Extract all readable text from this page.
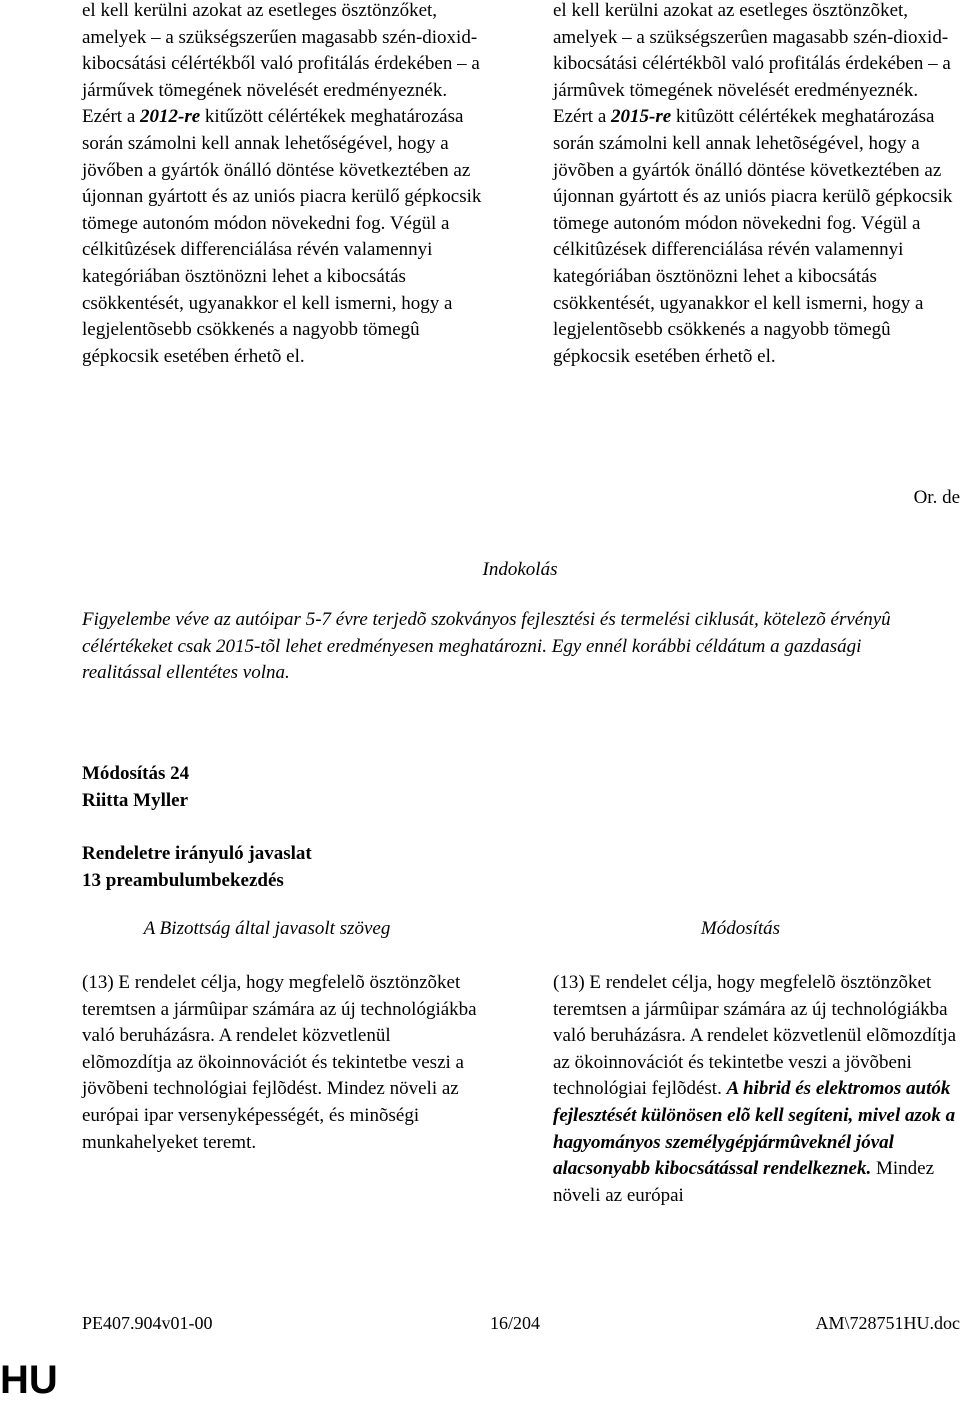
el kell kerülni azokat az esetleges ösztönzőket, amelyek – a szükségszerűen magasabb szén-dioxid-kibocsátási célértékből való profitálás érdekében – a járművek tömegének növelését eredményeznék. Ezért a 2012-re kitűzött célértékek meghatározása során számolni kell annak lehetőségével, hogy a jövőben a gyártók önálló döntése következtében az újonnan gyártott és az uniós piacra kerülő gépkocsik tömege autonóm módon növekedni fog. Végül a célkitûzések differenciálása révén valamennyi kategóriában ösztönözni lehet a kibocsátás csökkentését, ugyanakkor el kell ismerni, hogy a legjelentõsebb csökkenés a nagyobb tömegû gépkocsik esetében érhetõ el.
el kell kerülni azokat az esetleges ösztönzõket, amelyek – a szükségszerûen magasabb szén-dioxid-kibocsátási célértékbõl való profitálás érdekében – a jármûvek tömegének növelését eredményeznék. Ezért a 2015-re kitûzött célértékek meghatározása során számolni kell annak lehetõségével, hogy a jövõben a gyártók önálló döntése következtében az újonnan gyártott és az uniós piacra kerülõ gépkocsik tömege autonóm módon növekedni fog. Végül a célkitûzések differenciálása révén valamennyi kategóriában ösztönözni lehet a kibocsátás csökkentését, ugyanakkor el kell ismerni, hogy a legjelentõsebb csökkenés a nagyobb tömegû gépkocsik esetében érhetõ el.
Or. de
Indokolás
Figyelembe véve az autóipar 5-7 évre terjedõ szokványos fejlesztési és termelési ciklusát, kötelezõ érvényû célértékeket csak 2015-tõl lehet eredményesen meghatározni. Egy ennél korábbi céldátum a gazdasági realitással ellentétes volna.
Módosítás 24
Riitta Myller
Rendeletre irányuló javaslat
13 preambulumbekezdés
A Bizottság által javasolt szöveg	Módosítás
(13) E rendelet célja, hogy megfelelõ ösztönzõket teremtsen a jármûipar számára az új technológiákba való beruházásra. A rendelet közvetlenül elõmozdítja az ökoinnovációt és tekintetbe veszi a jövõbeni technológiai fejlõdést. Mindez növeli az európai ipar versenyképességét, és minõségi munkahelyeket teremt.
(13) E rendelet célja, hogy megfelelõ ösztönzõket teremtsen a jármûipar számára az új technológiákba való beruházásra. A rendelet közvetlenül elõmozdítja az ökoinnovációt és tekintetbe veszi a jövõbeni technológiai fejlõdést. A hibrid és elektromos autók fejlesztését különösen elõ kell segíteni, mivel azok a hagyományos személygépjármûveknél jóval alacsonyabb kibocsátással rendelkeznek. Mindez növeli az európai
PE407.904v01-00	16/204	AM\728751HU.doc
HU
